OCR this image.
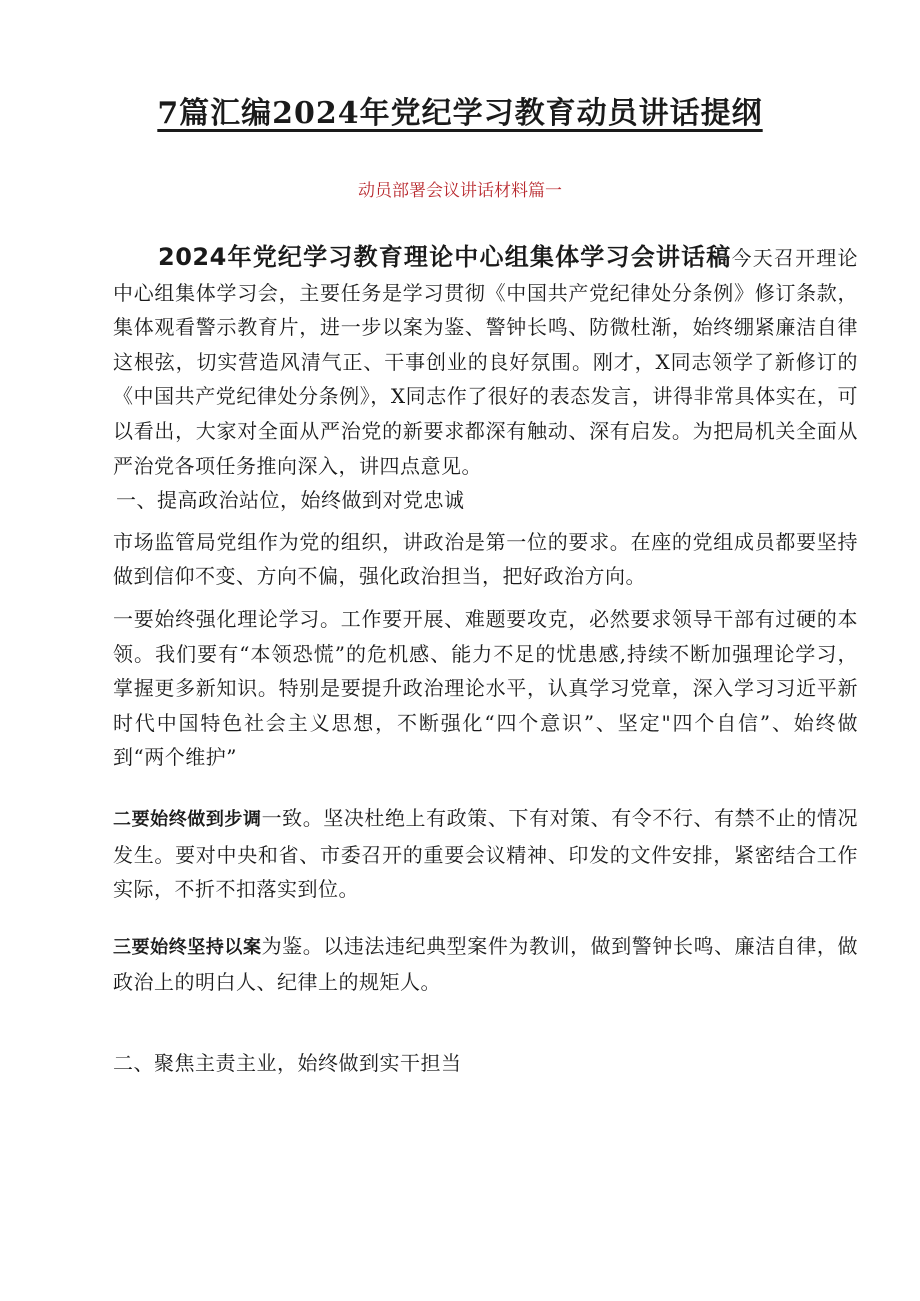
7篇汇编2024年党纪学习教育动员讲话提纲

动员部署会议讲话材料篇一

2024年党纪学习教育理论中心组集体学习会讲话稿今天召开理论中心组集体学习会，主要任务是学习贯彻《中国共产党纪律处分条例》修订条款，集体观看警示教育片，进一步以案为鉴、警钟长鸣、防微杜渐，始终绷紧廉洁自律这根弦，切实营造风清气正、干事创业的良好氛围。刚才，X同志领学了新修订的《中国共产党纪律处分条例》，X同志作了很好的表态发言，讲得非常具体实在，可以看出，大家对全面从严治党的新要求都深有触动、深有启发。为把局机关全面从严治党各项任务推向深入，讲四点意见。

一、提高政治站位，始终做到对党忠诚

市场监管局党组作为党的组织，讲政治是第一位的要求。在座的党组成员都要坚持做到信仰不变、方向不偏，强化政治担当，把好政治方向。

一要始终强化理论学习。工作要开展、难题要攻克，必然要求领导干部有过硬的本领。我们要有“本领恐慌”的危机感、能力不足的忧患感,持续不断加强理论学习，掌握更多新知识。特别是要提升政治理论水平，认真学习党章，深入学习习近平新时代中国特色社会主义思想，不断强化“四个意识”、坚定"四个自信”、始终做到“两个维护”

二要始终做到步调一致。坚决杜绝上有政策、下有对策、有令不行、有禁不止的情况发生。要对中央和省、市委召开的重要会议精神、印发的文件安排，紧密结合工作实际，不折不扣落实到位。

三要始终坚持以案为鉴。以违法违纪典型案件为教训，做到警钟长鸣、廉洁自律，做政治上的明白人、纪律上的规矩人。

二、聚焦主责主业，始终做到实干担当
